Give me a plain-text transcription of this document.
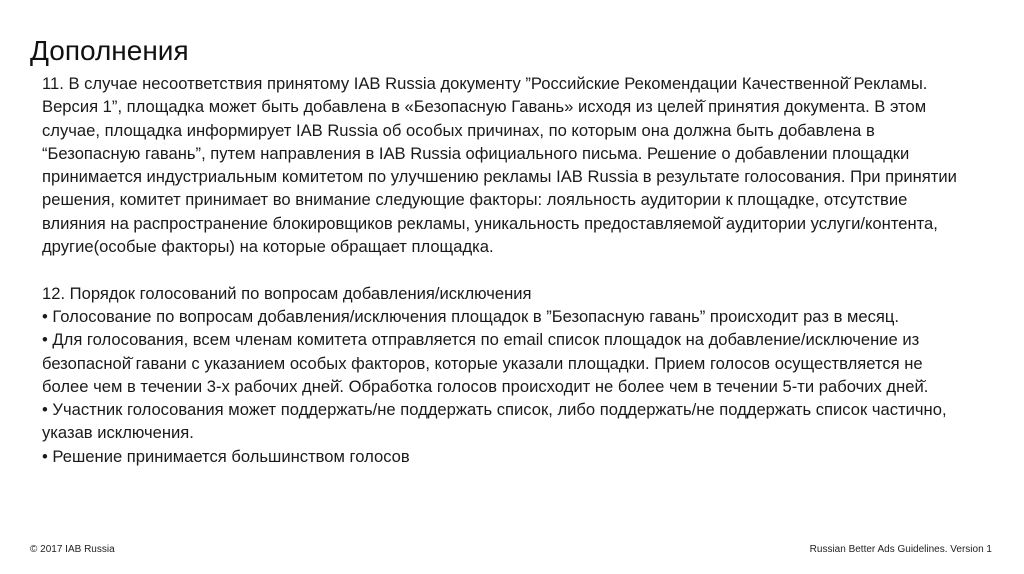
Дополнения

11. В случае несоответствия принятому IAB Russia документу ”Российские Рекомендации Качественной̆ Рекламы. Версия 1”, площадка может быть добавлена в «Безопасную Гавань» исходя из целей̆ принятия документа. В этом случае, площадка информирует IAB Russia об особых причинах, по которым она должна быть добавлена в “Безопасную гавань”, путем направления в IAB Russia официального письма. Решение о добавлении площадки принимается индустриальным комитетом по улучшению рекламы IAB Russia в результате голосования. При принятии решения, комитет принимает во внимание следующие факторы: лояльность аудитории к площадке, отсутствие влияния на распространение блокировщиков рекламы, уникальность предоставляемой̆ аудитории услуги/контента, другие(особые факторы) на которые обращает площадка.

12. Порядок голосований по вопросам добавления/исключения

• Голосование по вопросам добавления/исключения площадок в ”Безопасную гавань” происходит раз в месяц.

• Для голосования, всем членам комитета отправляется по email список площадок на добавление/исключение из безопасной̆ гавани с указанием особых факторов, которые указали площадки. Прием голосов осуществляется не более чем в течении 3-х рабочих дней̆. Обработка голосов происходит не более чем в течении 5-ти рабочих дней̆.

• Участник голосования может поддержать/не поддержать список, либо поддержать/не поддержать список частично, указав исключения.

• Решение принимается большинством голосов

© 2017 IAB Russia	Russian Better Ads Guidelines. Version 1
